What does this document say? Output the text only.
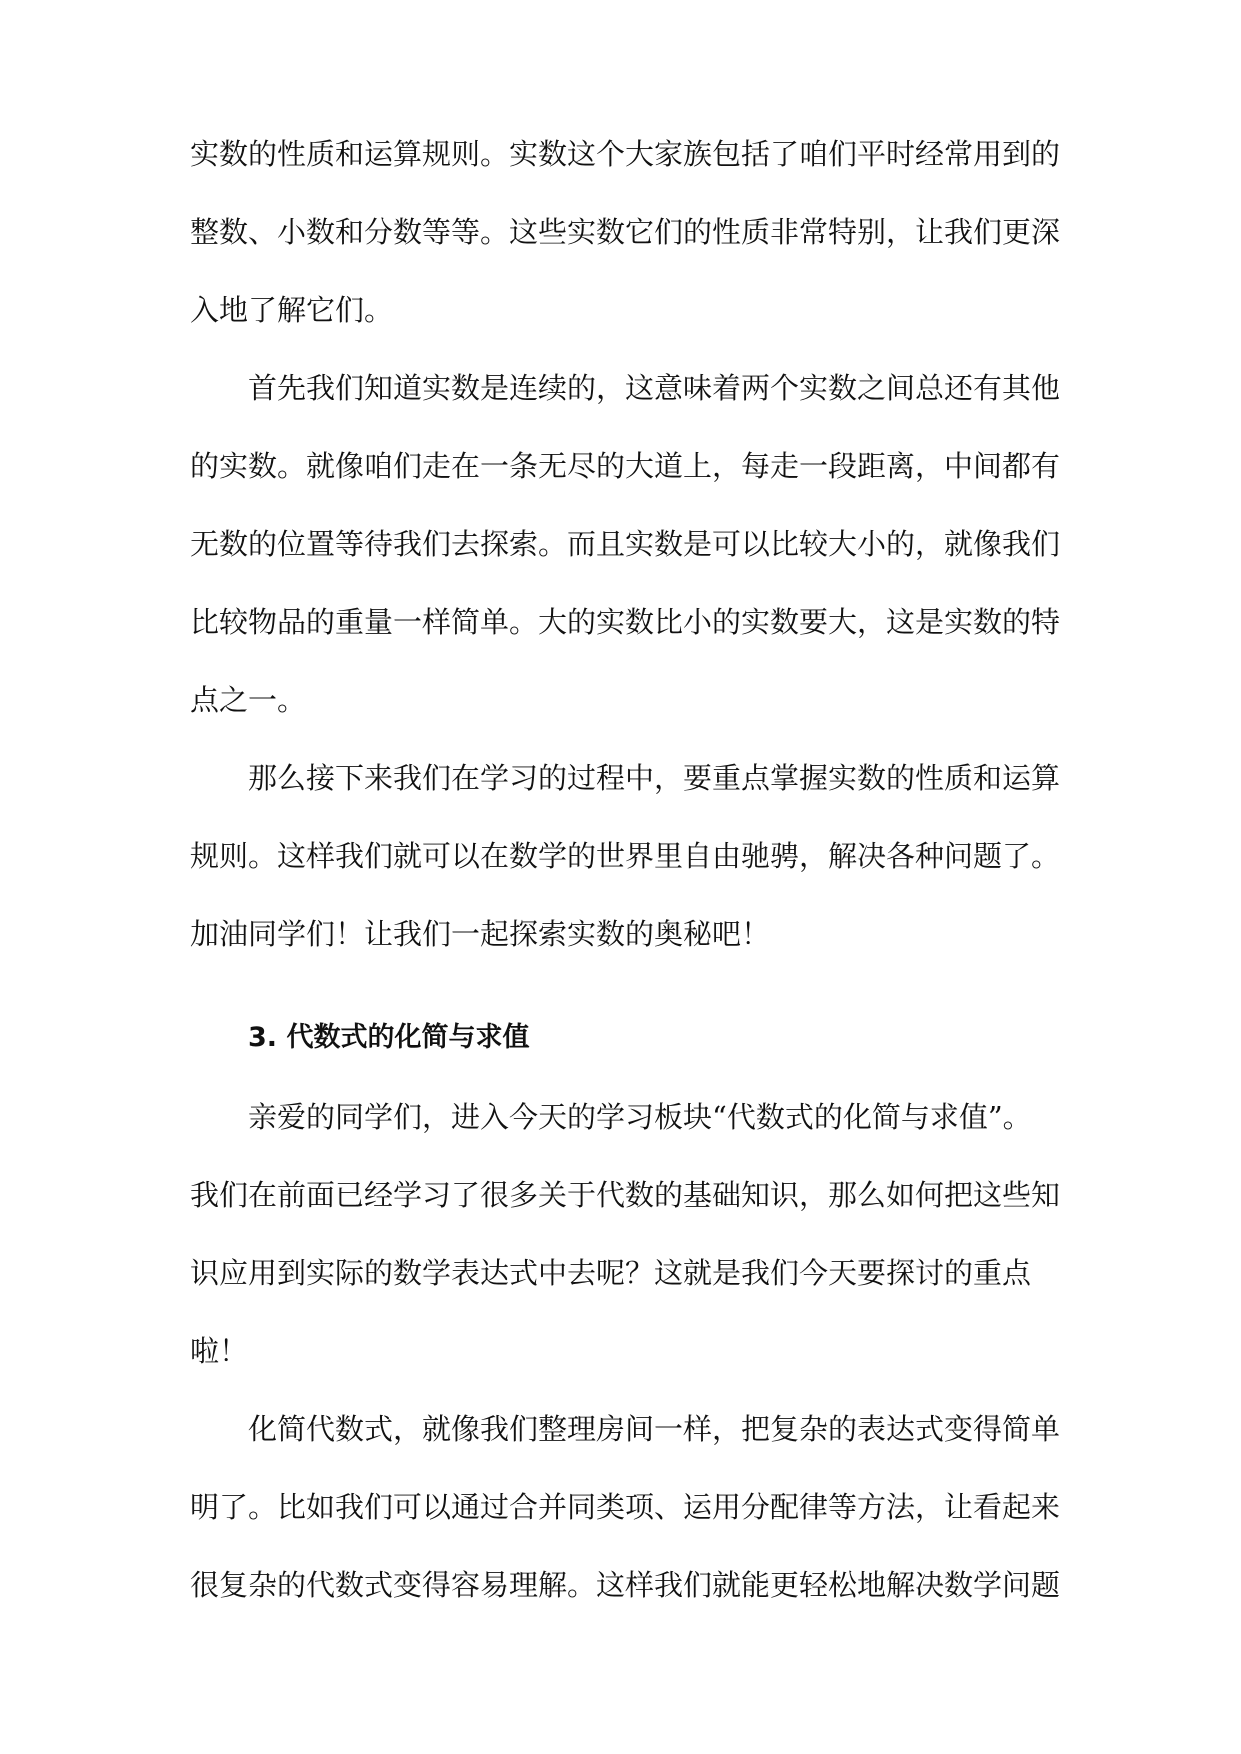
实数的性质和运算规则。实数这个大家族包括了咱们平时经常用到的
整数、小数和分数等等。这些实数它们的性质非常特别，让我们更深
入地了解它们。
首先我们知道实数是连续的，这意味着两个实数之间总还有其他
的实数。就像咱们走在一条无尽的大道上，每走一段距离，中间都有
无数的位置等待我们去探索。而且实数是可以比较大小的，就像我们
比较物品的重量一样简单。大的实数比小的实数要大，这是实数的特
点之一。
那么接下来我们在学习的过程中，要重点掌握实数的性质和运算
规则。这样我们就可以在数学的世界里自由驰骋，解决各种问题了。
加油同学们！让我们一起探索实数的奥秘吧！
3. 代数式的化简与求值
亲爱的同学们，进入今天的学习板块“代数式的化简与求值”。
我们在前面已经学习了很多关于代数的基础知识，那么如何把这些知
识应用到实际的数学表达式中去呢？这就是我们今天要探讨的重点
啦！
化简代数式，就像我们整理房间一样，把复杂的表达式变得简单
明了。比如我们可以通过合并同类项、运用分配律等方法，让看起来
很复杂的代数式变得容易理解。这样我们就能更轻松地解决数学问题
